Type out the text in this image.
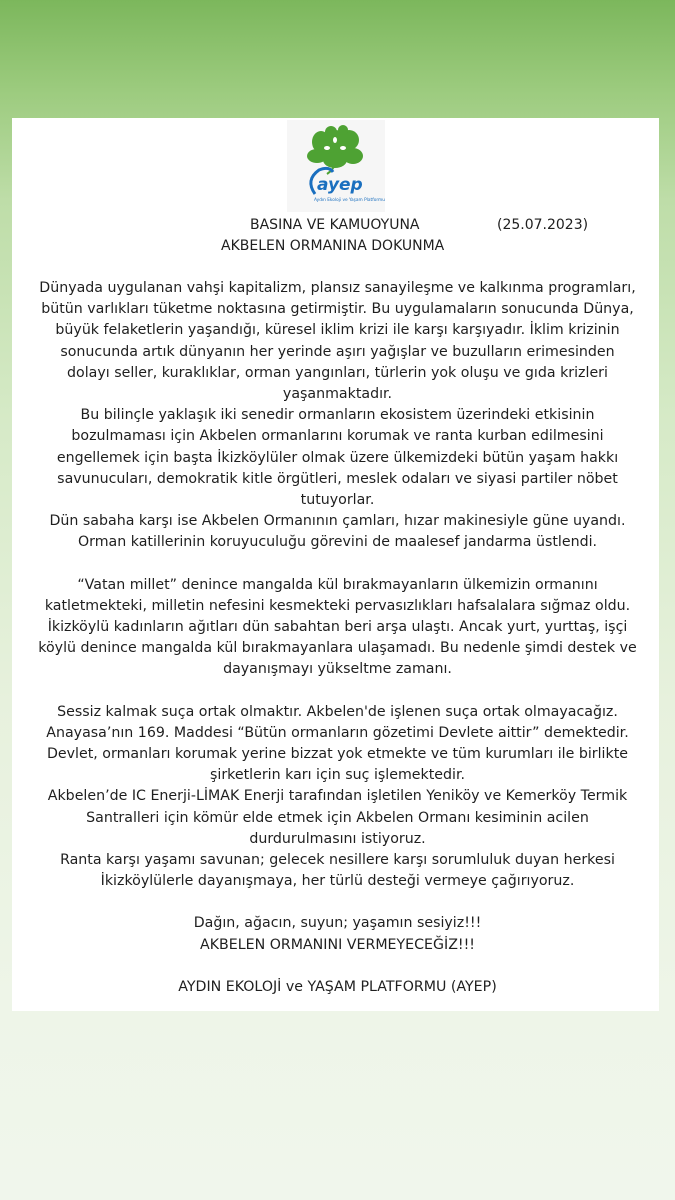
ayep
Aydın Ekoloji ve Yaşam Platformu
BASINA VE KAMUOYUNA	(25.07.2023)
AKBELEN ORMANINA DOKUNMA

Dünyada uygulanan vahşi kapitalizm, plansız sanayileşme ve kalkınma programları,
bütün varlıkları tüketme noktasına getirmiştir. Bu uygulamaların sonucunda Dünya,
büyük felaketlerin yaşandığı, küresel iklim krizi ile karşı karşıyadır. İklim krizinin
sonucunda artık dünyanın her yerinde aşırı yağışlar ve buzulların erimesinden
dolayı seller, kuraklıklar, orman yangınları, türlerin yok oluşu ve gıda krizleri
yaşanmaktadır.

Bu bilinçle yaklaşık iki senedir ormanların ekosistem üzerindeki etkisinin
bozulmaması için Akbelen ormanlarını korumak ve ranta kurban edilmesini
engellemek için başta İkizköylüler olmak üzere ülkemizdeki bütün yaşam hakkı
savunucuları, demokratik kitle örgütleri, meslek odaları ve siyasi partiler nöbet
tutuyorlar.

Dün sabaha karşı ise Akbelen Ormanının çamları, hızar makinesiyle güne uyandı.
Orman katillerinin koruyuculuğu görevini de maalesef jandarma üstlendi.

“Vatan millet” denince mangalda kül bırakmayanların ülkemizin ormanını
katletmekteki, milletin nefesini kesmekteki pervasızlıkları hafsalalara sığmaz oldu.
İkizköylü kadınların ağıtları dün sabahtan beri arşa ulaştı. Ancak yurt, yurttaş, işçi
köylü denince mangalda kül bırakmayanlara ulaşamadı. Bu nedenle şimdi destek ve
dayanışmayı yükseltme zamanı.

Sessiz kalmak suça ortak olmaktır. Akbelen'de işlenen suça ortak olmayacağız.
Anayasa’nın 169. Maddesi “Bütün ormanların gözetimi Devlete aittir” demektedir.
Devlet, ormanları korumak yerine bizzat yok etmekte ve tüm kurumları ile birlikte
şirketlerin karı için suç işlemektedir.

Akbelen’de IC Enerji-LİMAK Enerji tarafından işletilen Yeniköy ve Kemerköy Termik
Santralleri için kömür elde etmek için Akbelen Ormanı kesiminin acilen
durdurulmasını istiyoruz.

Ranta karşı yaşamı savunan; gelecek nesillere karşı sorumluluk duyan herkesi
İkizköylülerle dayanışmaya, her türlü desteği vermeye çağırıyoruz.

Dağın, ağacın, suyun; yaşamın sesiyiz!!!
AKBELEN ORMANINI VERMEYECEĞİZ!!!

AYDIN EKOLOJİ ve YAŞAM PLATFORMU (AYEP)
